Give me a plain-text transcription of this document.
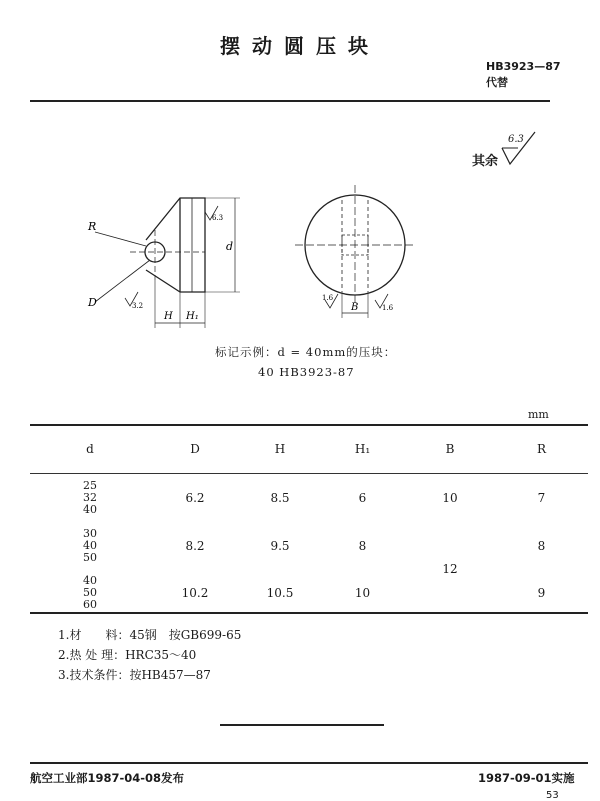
摆动圆压块
HB3923—87
代替
其余
6.3
R
D
d
H H₁
B
3.2
6.3
1.6
1.6
标记示例：d = 40mm的压块：
40 HB3923-87
mm
d	D	H	H₁	B	R

25
32
40	6.2	8.5	6	10	7

30
40
50	8.2	9.5	8	12	8

40
50
60	10.2	10.5	10		9
1.材　　料：45钢　按GB699-65
2.热 处 理：HRC35～40
3.技术条件：按HB457—87
航空工业部1987-04-08发布	1987-09-01实施
53
